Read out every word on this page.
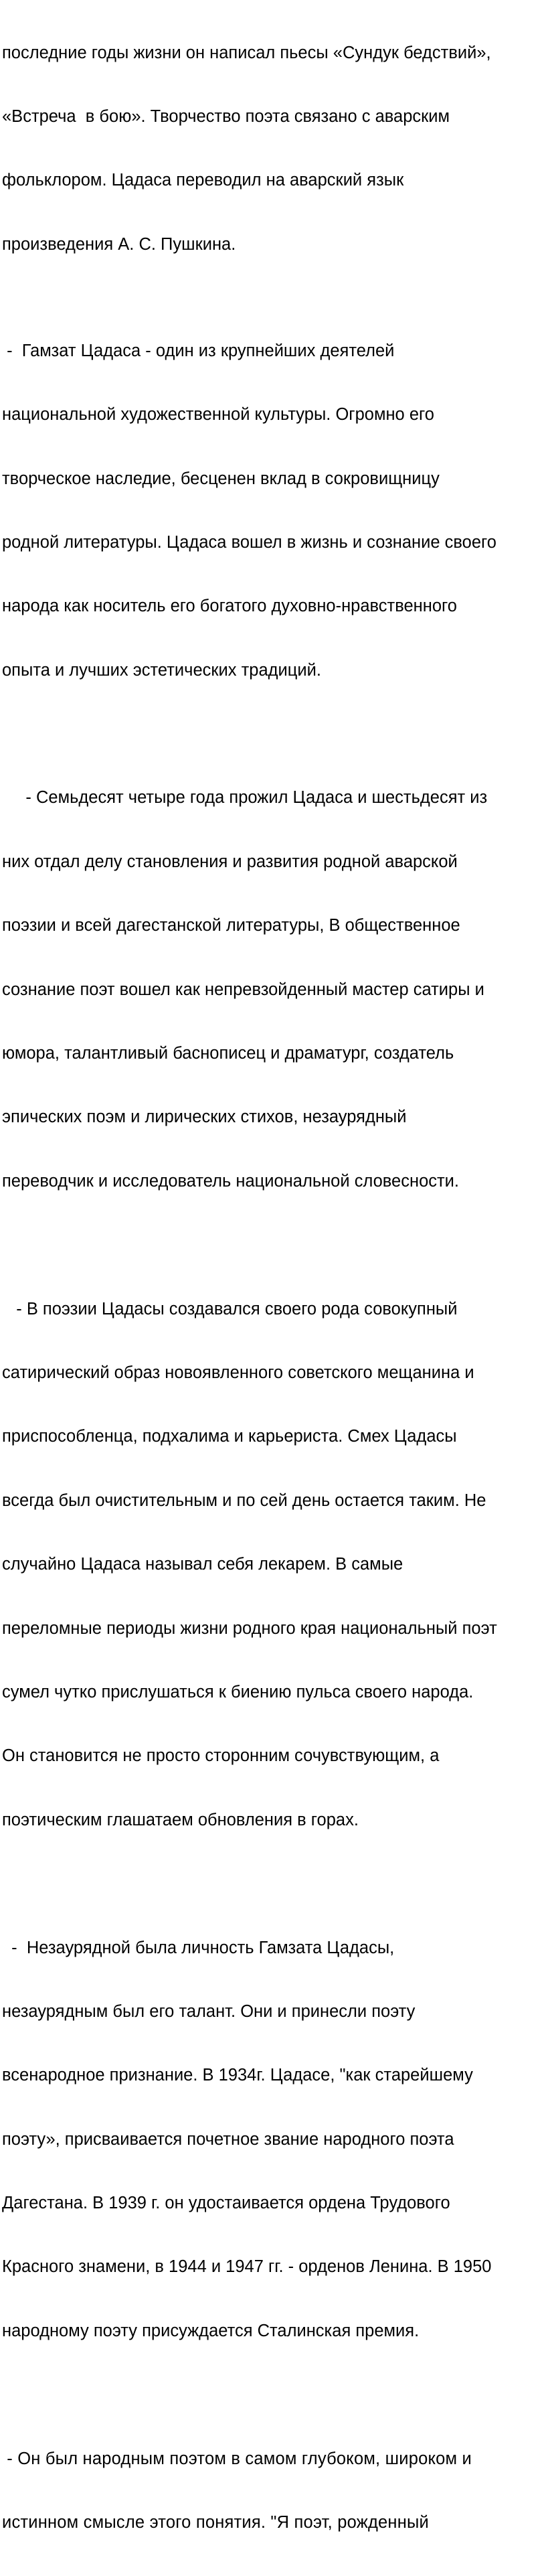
последние годы жизни он написал пьесы «Сундук бедствий»,

«Встреча  в бою». Творчество поэта связано с аварским

фольклором. Цадаса переводил на аварский язык

произведения А. С. Пушкина.

-  Гамзат Цадаса - один из крупнейших деятелей

национальной художественной культуры. Огромно его

творческое наследие, бесценен вклад в сокровищницу

родной литературы. Цадаса вошел в жизнь и сознание своего

народа как носитель его богатого духовно-нравственного

опыта и лучших эстетических традиций.

- Семьдесят четыре года прожил Цадаса и шестьдесят из

них отдал делу становления и развития родной аварской

поэзии и всей дагестанской литературы, В общественное

сознание поэт вошел как непревзойденный мастер сатиры и

юмора, талантливый баснописец и драматург, создатель

эпических поэм и лирических стихов, незаурядный

переводчик и исследователь национальной словесности.

- В поэзии Цадасы создавался своего рода совокупный

сатирический образ новоявленного советского мещанина и

приспособленца, подхалима и карьериста. Смех Цадасы

всегда был очистительным и по сей день остается таким. Не

случайно Цадаса называл себя лекарем. В самые

переломные периоды жизни родного края национальный поэт

сумел чутко прислушаться к биению пульса своего народа.

Он становится не просто сторонним сочувствующим, а

поэтическим глашатаем обновления в горах.

-  Незаурядной была личность Гамзата Цадасы,

незаурядным был его талант. Они и принесли поэту

всенародное признание. В 1934г. Цадасе, "как старейшему

поэту», присваивается почетное звание народного поэта

Дагестана. В 1939 г. он удостаивается ордена Трудового

Красного знамени, в 1944 и 1947 гг. - орденов Ленина. В 1950

народному поэту присуждается Сталинская премия.

- Он был народным поэтом в самом глубоком, широком и

истинном смысле этого понятия. "Я поэт, рожденный
